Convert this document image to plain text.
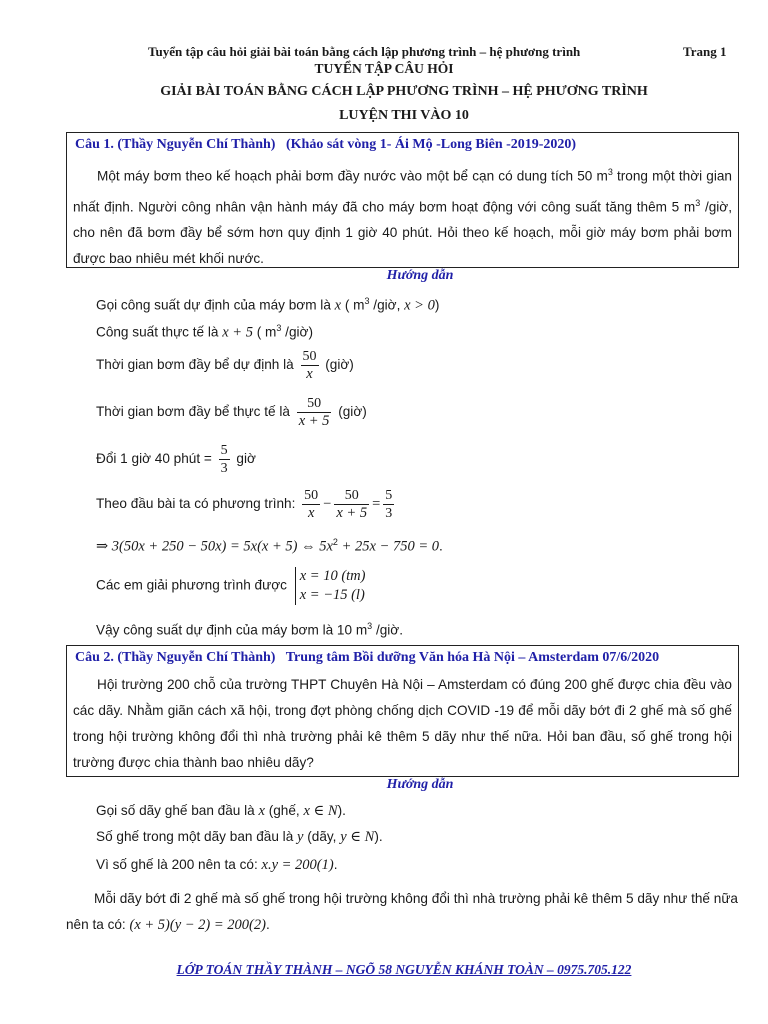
Tuyển tập câu hỏi giải bài toán bằng cách lập phương trình – hệ phương trình	Trang 1
TUYỂN TẬP CÂU HỎI
GIẢI BÀI TOÁN BẰNG CÁCH LẬP PHƯƠNG TRÌNH – HỆ PHƯƠNG TRÌNH
LUYỆN THI VÀO 10
Câu 1. (Thầy Nguyễn Chí Thành) (Khảo sát vòng 1- Ái Mộ -Long Biên -2019-2020)
Một máy bơm theo kế hoạch phải bơm đầy nước vào một bể cạn có dung tích 50 $m^3$ trong một thời gian nhất định. Người công nhân vận hành máy đã cho máy bơm hoạt động với công suất tăng thêm 5 $m^3$ /giờ, cho nên đã bơm đầy bể sớm hơn quy định 1 giờ 40 phút. Hỏi theo kế hoạch, mỗi giờ máy bơm phải bơm được bao nhiêu mét khối nước.
Hướng dẫn
Gọi công suất dự định của máy bơm là x ( $m^3$ /giờ, x > 0)
Công suất thực tế là x + 5 ( $m^3$ /giờ)
Thời gian bơm đầy bể dự định là $\frac{50}{x}$ (giờ)
Thời gian bơm đầy bể thực tế là $\frac{50}{x + 5}$ (giờ)
Đổi 1 giờ 40 phút = $\frac{5}{3}$ giờ
Theo đầu bài ta có phương trình: $\frac{50}{x} - \frac{50}{x + 5} = \frac{5}{3}$
⇒ 3(50x + 250 − 50x) = 5x(x + 5) ⇔ $5x^2 + 25x - 750 = 0$.
Các em giải phương trình được
x = 10 (tm)
x = −15 (l)
Vậy công suất dự định của máy bơm là 10 $m^3$ /giờ.
Câu 2. (Thầy Nguyễn Chí Thành) Trung tâm Bồi dưỡng Văn hóa Hà Nội – Amsterdam 07/6/2020
Hội trường 200 chỗ của trường THPT Chuyên Hà Nội – Amsterdam có đúng 200 ghế được chia đều vào các dãy. Nhằm giãn cách xã hội, trong đợt phòng chống dịch COVID -19 để mỗi dãy bớt đi 2 ghế mà số ghế trong hội trường không đổi thì nhà trường phải kê thêm 5 dãy như thế nữa. Hỏi ban đầu, số ghế trong hội trường được chia thành bao nhiêu dãy?
Hướng dẫn
Gọi số dãy ghế ban đầu là x (ghế, x ∈ N).
Số ghế trong một dãy ban đầu là y (dãy, y ∈ N).
Vì số ghế là 200 nên ta có: x.y = 200(1).
Mỗi dãy bớt đi 2 ghế mà số ghế trong hội trường không đổi thì nhà trường phải kê thêm 5 dãy như thế nữa nên ta có: (x + 5)(y − 2) = 200(2).
LỚP TOÁN THẦY THÀNH – NGÕ 58 NGUYỄN KHÁNH TOÀN – 0975.705.122
